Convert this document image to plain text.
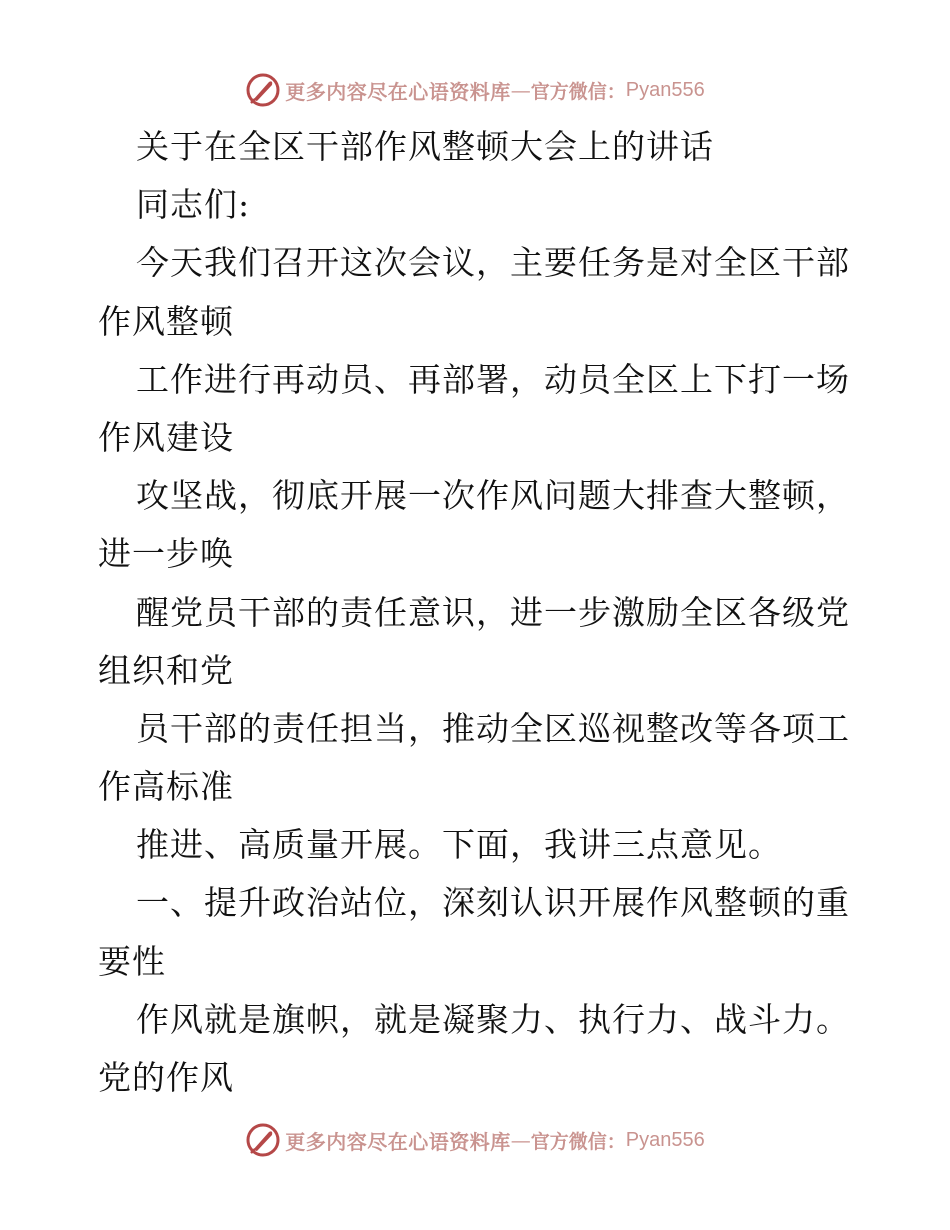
更多内容尽在心语资料库 — 官方微信： Pyan556
关于在全区干部作风整顿大会上的讲话
同志们:
今天我们召开这次会议，主要任务是对全区干部
作风整顿
工作进行再动员、再部署，动员全区上下打一场
作风建设
攻坚战，彻底开展一次作风问题大排查大整顿，
进一步唤
醒党员干部的责任意识，进一步激励全区各级党
组织和党
员干部的责任担当，推动全区巡视整改等各项工
作高标准
推进、高质量开展。下面，我讲三点意见。
一、提升政治站位，深刻认识开展作风整顿的重
要性
作风就是旗帜，就是凝聚力、执行力、战斗力。
党的作风
更多内容尽在心语资料库 — 官方微信： Pyan556
